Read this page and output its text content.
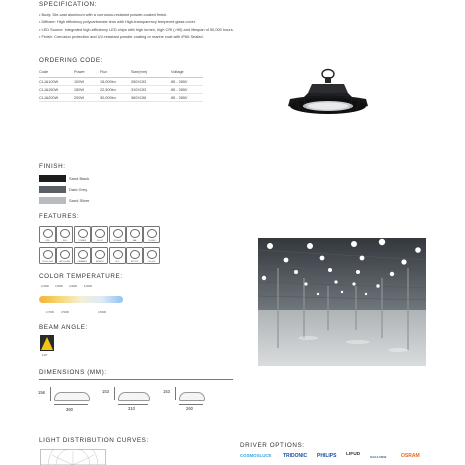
SPECIFICATION:
• Body: Die-cast aluminum with a corrosion-resistant powder-coated finish.
• Diffuser: High efficiency polycarbonate lens with High-transparency tempered glass cover.
• LED Source: Integrated high-efficiency LED chips with high lumen, high CRI (>90) and lifespan of 50,000 hours.
• Finish: Corrosion protection and UV-resistant powder coating or marine coat with IP66 Sealed.
ORDERING CODE:
Code	Power	Flux	Size(mm)	Voltage
CLJA100W	100W	15,000lm	260X153	85 - 265V
CLJA150W	150W	22,500lm	310X153	85 - 265V
CLJA200W	200W	30,000lm	360X156	85 - 265V
FINISH:
Sand Black
Dark Grey
Sand Silver
FEATURES:
IP66	IK08	5 YEARS	Ra>90	CE RoHS	SAA	50,000H
110-130 lm/W	ANTI-GLARE	DIMMABLE	SENSOR	-40°C	MOTION	PF>0.95
COLOR TEMPERATURE:
2,200K 3,000K 4,000K	5,000K
2,700K	3,500K	4,500K
BEAM ANGLE:
110°
DIMENSIONS (MM):
156
360
153
310
153
260
LIGHT DISTRIBUTION CURVES:
DRIVER OPTIONS:
COSMOSLUCE TRIDONIC PHILIPS LIFUD	SAGA NEW	OSRAM
